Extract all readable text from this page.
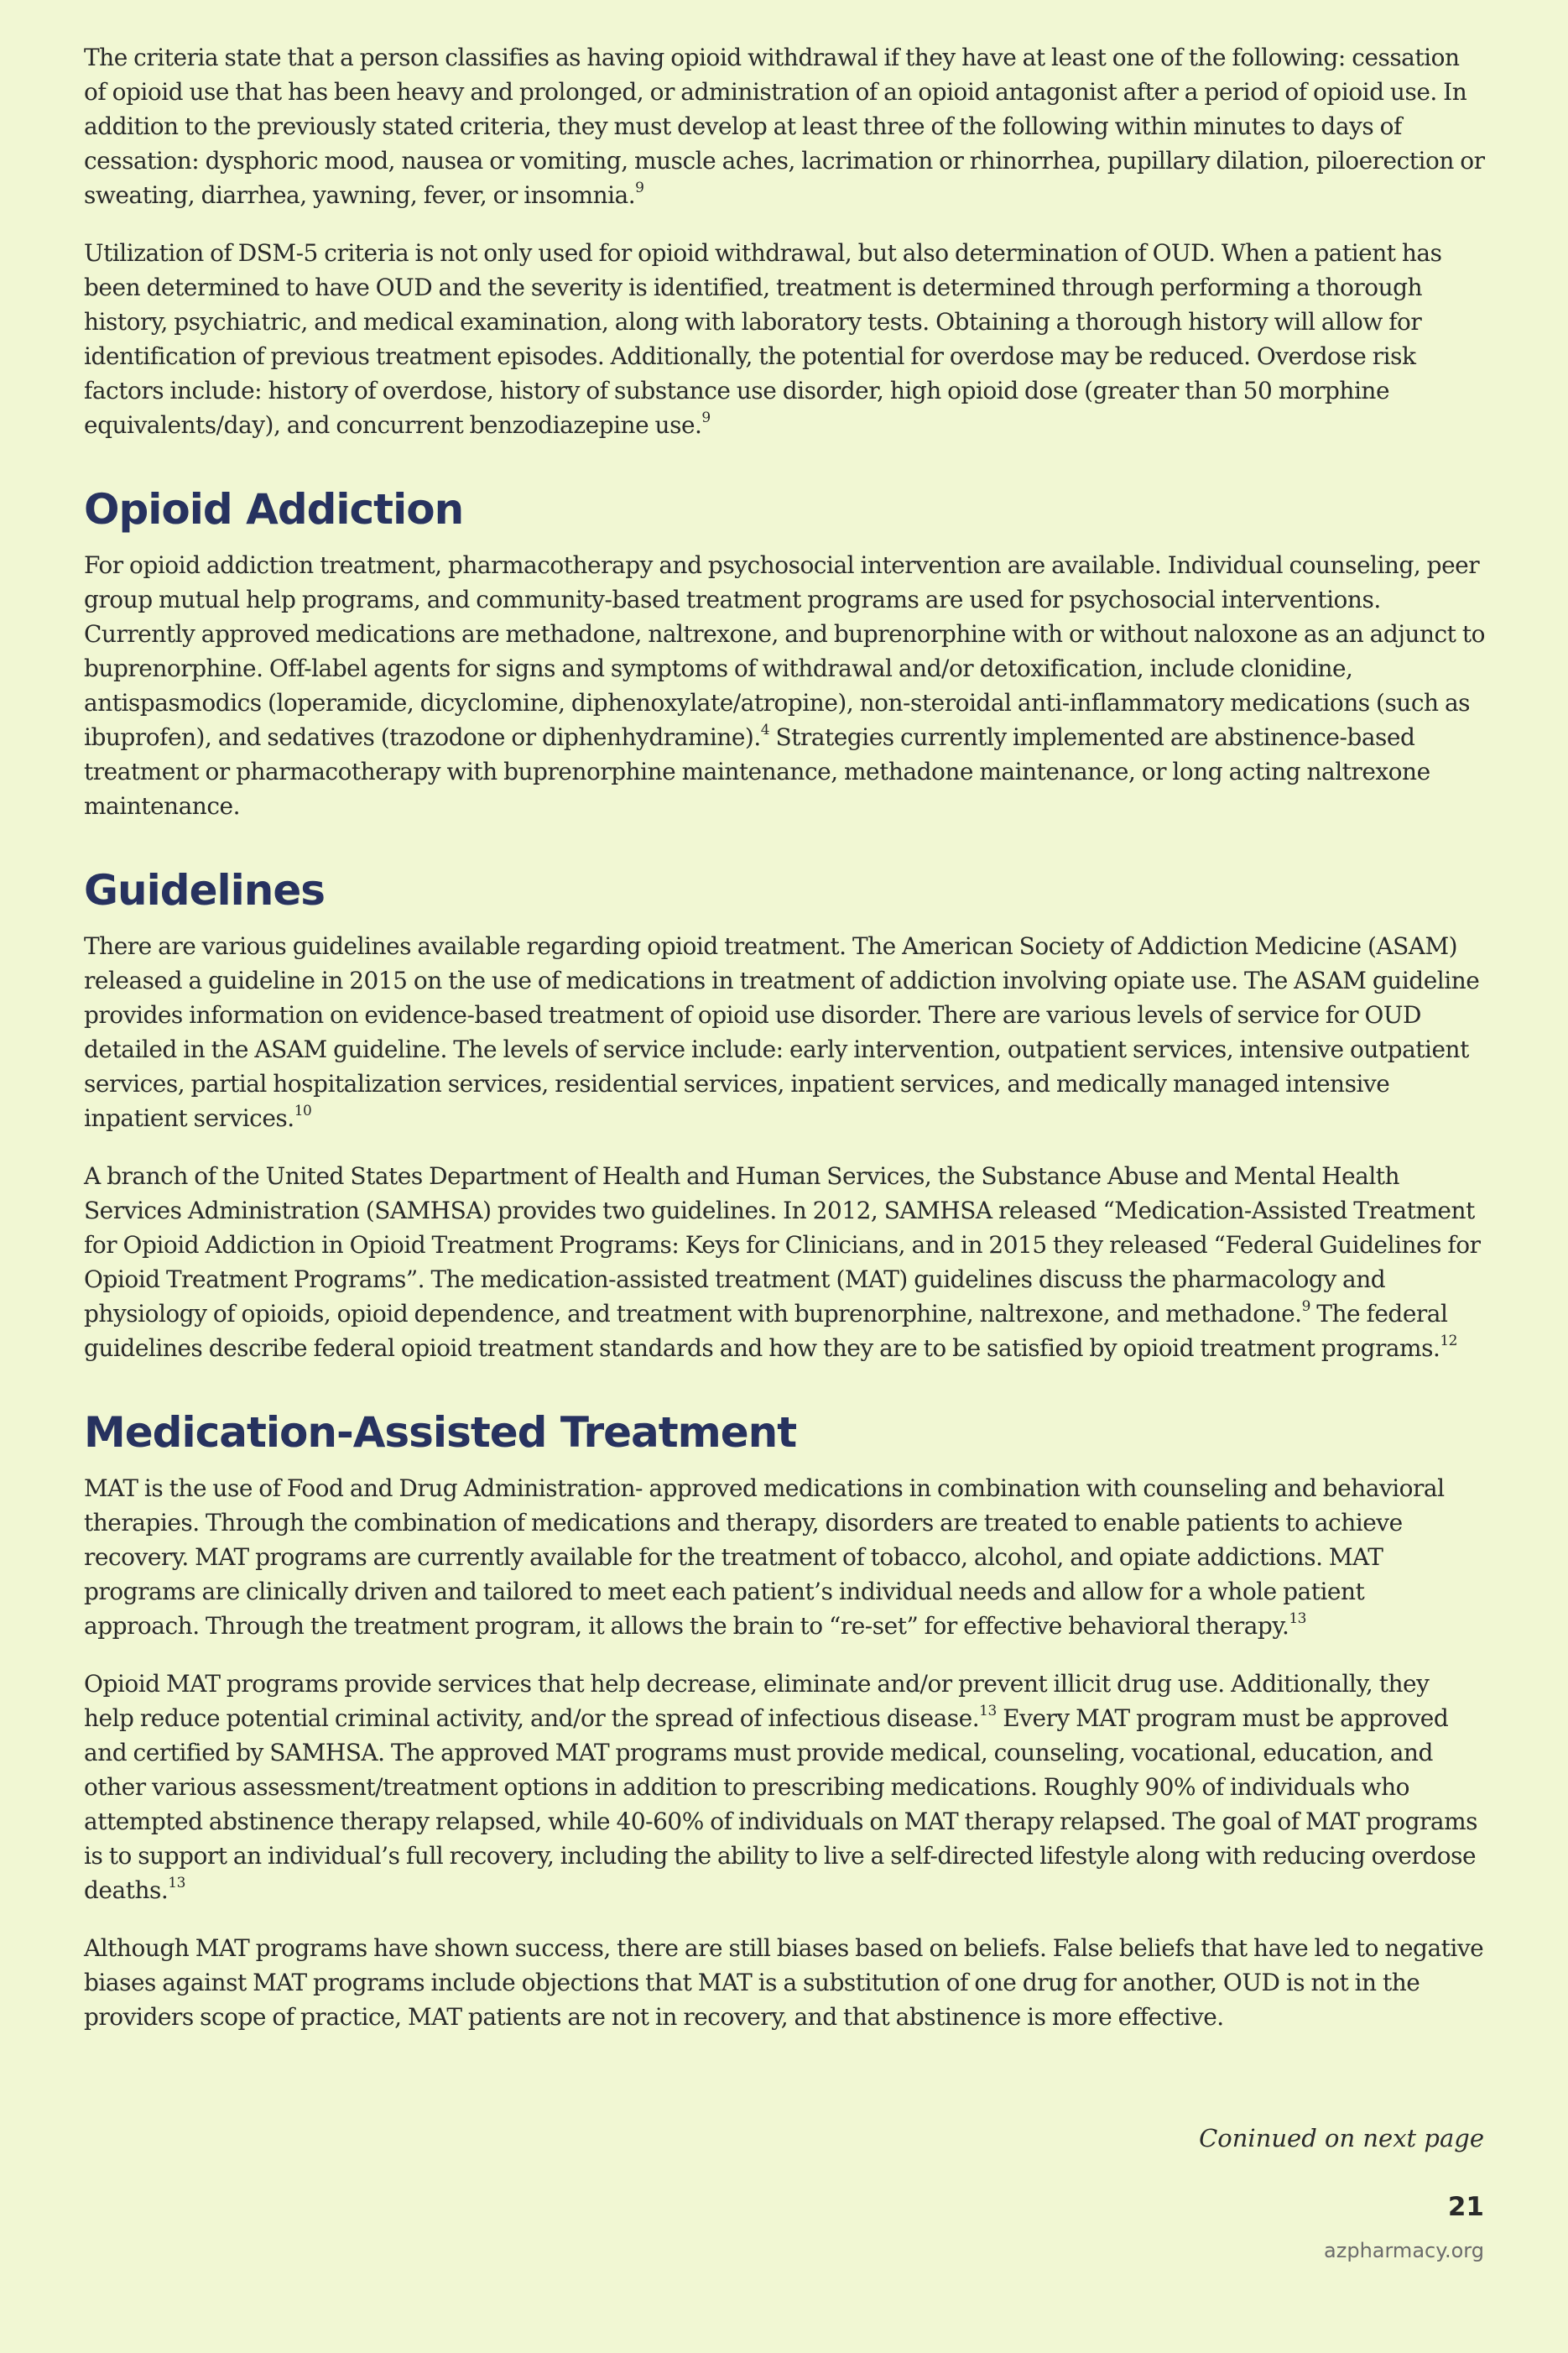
The criteria state that a person classifies as having opioid withdrawal if they have at least one of the following: cessation of opioid use that has been heavy and prolonged, or administration of an opioid antagonist after a period of opioid use. In addition to the previously stated criteria, they must develop at least three of the following within minutes to days of cessation: dysphoric mood, nausea or vomiting, muscle aches, lacrimation or rhinorrhea, pupillary dilation, piloerection or sweating, diarrhea, yawning, fever, or insomnia.$^9$

Utilization of DSM-5 criteria is not only used for opioid withdrawal, but also determination of OUD. When a patient has been determined to have OUD and the severity is identified, treatment is determined through performing a thorough history, psychiatric, and medical examination, along with laboratory tests. Obtaining a thorough history will allow for identification of previous treatment episodes. Additionally, the potential for overdose may be reduced. Overdose risk factors include: history of overdose, history of substance use disorder, high opioid dose (greater than 50 morphine equivalents/day), and concurrent benzodiazepine use.$^9$

Opioid Addiction

For opioid addiction treatment, pharmacotherapy and psychosocial intervention are available. Individual counseling, peer group mutual help programs, and community-based treatment programs are used for psychosocial interventions. Currently approved medications are methadone, naltrexone, and buprenorphine with or without naloxone as an adjunct to buprenorphine. Off-label agents for signs and symptoms of withdrawal and/or detoxification, include clonidine, antispasmodics (loperamide, dicyclomine, diphenoxylate/atropine), non-steroidal anti-inflammatory medications (such as ibuprofen), and sedatives (trazodone or diphenhydramine).$^4$ Strategies currently implemented are abstinence-based treatment or pharmacotherapy with buprenorphine maintenance, methadone maintenance, or long acting naltrexone maintenance.

Guidelines

There are various guidelines available regarding opioid treatment. The American Society of Addiction Medicine (ASAM) released a guideline in 2015 on the use of medications in treatment of addiction involving opiate use. The ASAM guideline provides information on evidence-based treatment of opioid use disorder. There are various levels of service for OUD detailed in the ASAM guideline. The levels of service include: early intervention, outpatient services, intensive outpatient services, partial hospitalization services, residential services, inpatient services, and medically managed intensive inpatient services.$^{10}$

A branch of the United States Department of Health and Human Services, the Substance Abuse and Mental Health Services Administration (SAMHSA) provides two guidelines. In 2012, SAMHSA released “Medication-Assisted Treatment for Opioid Addiction in Opioid Treatment Programs: Keys for Clinicians, and in 2015 they released “Federal Guidelines for Opioid Treatment Programs”. The medication-assisted treatment (MAT) guidelines discuss the pharmacology and physiology of opioids, opioid dependence, and treatment with buprenorphine, naltrexone, and methadone.$^9$ The federal guidelines describe federal opioid treatment standards and how they are to be satisfied by opioid treatment programs.$^{12}$

Medication-Assisted Treatment

MAT is the use of Food and Drug Administration- approved medications in combination with counseling and behavioral therapies. Through the combination of medications and therapy, disorders are treated to enable patients to achieve recovery. MAT programs are currently available for the treatment of tobacco, alcohol, and opiate addictions. MAT programs are clinically driven and tailored to meet each patient’s individual needs and allow for a whole patient approach. Through the treatment program, it allows the brain to “re-set” for effective behavioral therapy.$^{13}$

Opioid MAT programs provide services that help decrease, eliminate and/or prevent illicit drug use. Additionally, they help reduce potential criminal activity, and/or the spread of infectious disease.$^{13}$ Every MAT program must be approved and certified by SAMHSA. The approved MAT programs must provide medical, counseling, vocational, education, and other various assessment/treatment options in addition to prescribing medications. Roughly 90% of individuals who attempted abstinence therapy relapsed, while 40-60% of individuals on MAT therapy relapsed. The goal of MAT programs is to support an individual’s full recovery, including the ability to live a self-directed lifestyle along with reducing overdose deaths.$^{13}$

Although MAT programs have shown success, there are still biases based on beliefs. False beliefs that have led to negative biases against MAT programs include objections that MAT is a substitution of one drug for another, OUD is not in the providers scope of practice, MAT patients are not in recovery, and that abstinence is more effective.

Coninued on next page
21
azpharmacy.org
